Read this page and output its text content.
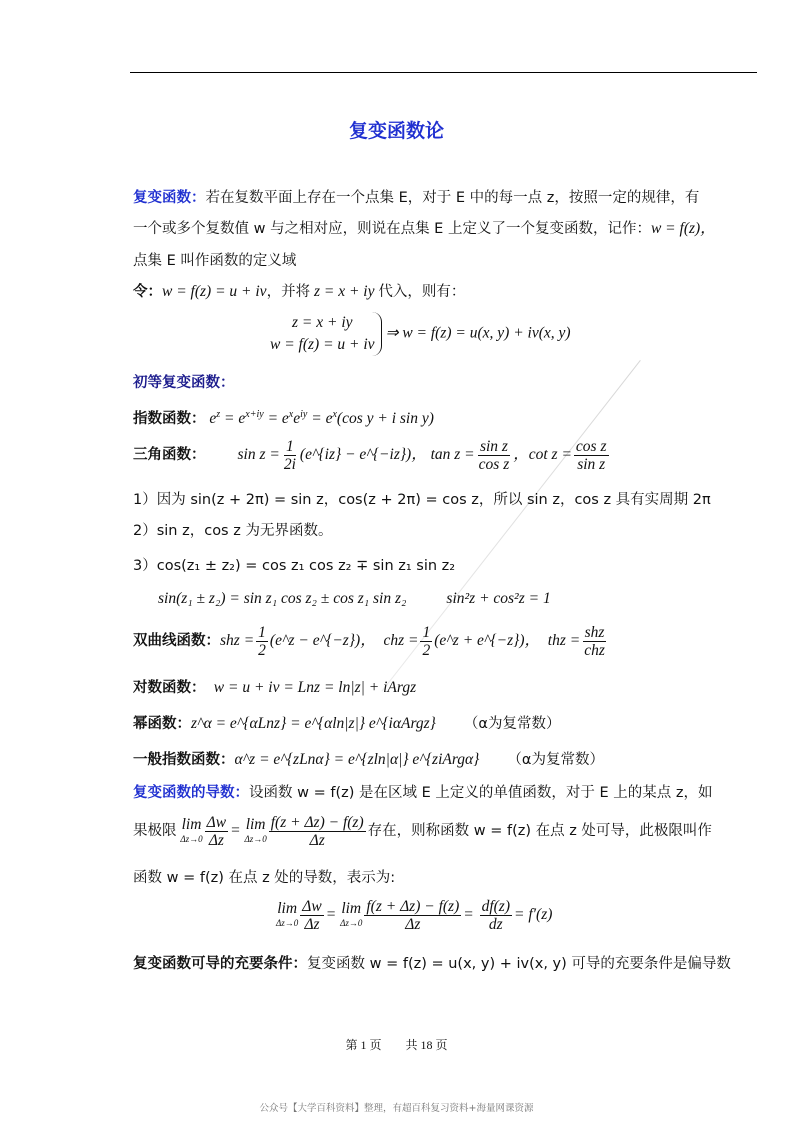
复变函数论
复变函数：若在复数平面上存在一个点集 E，对于 E 中的每一点 z，按照一定的规律，有
一个或多个复数值 w 与之相对应，则说在点集 E 上定义了一个复变函数，记作：w = f(z)，
点集 E 叫作函数的定义域
令：w = f(z) = u + iv，并将 z = x + iy 代入，则有：
z = x + iy
w = f(z) = u + iv
⇒ w = f(z) = u(x, y) + iv(x, y)
初等复变函数：
指数函数： $e^z = e^{x+iy} = e^xe^{iy} = e^x(\cos$ y + i sin y)
三角函数： $\sin z = \frac{1}{2i}$ (e^{iz} − e^{−iz})， $\tan z = \frac{\text{sin z}}{\text{cos z}}$ ，$\cot z = \frac{\text{cos z}}{\text{sin z}}$
1）因为 sin(z + 2π) = sin z，cos(z + 2π) = cos z，所以 sin z，cos z 具有实周期 2π
2）sin z，cos z 为无界函数。
3）cos(z₁ ± z₂) = cos z₁ cos z₂ ∓ sin z₁ sin z₂
sin(z₁ ± z₂) = sin z₁ cos z₂ ± cos z₁ sin z₂	sin²z + cos²z = 1
双曲线函数：shz = $\frac{1}{2}$ (e^z − e^{−z})，　 chz = $\frac{1}{2}$ (e^z + e^{−z})，　 thz = $\frac{\text{shz}}{\text{chz}}$
对数函数：　 w = u + iv = Lnz = ln|z| + iArgz
幂函数：z^α = e^{αLnz} = e^{αln|z|} e^{iαArgz} （α为复常数）
一般指数函数：α^z = e^{zLnα} = e^{zln|α|} e^{ziArgα} （α为复常数）
复变函数的导数：设函数 w = f(z) 是在区域 E 上定义的单值函数，对于 E 上的某点 z，如
果极限 lim
$\Delta z\to 0 \frac{\Delta w}{\Delta z} = \lim$
$\Delta z\to 0 \frac{f(z + \Delta z) - f(z)}{\Delta z}$ 存在，则称函数 w = f(z) 在点 z 处可导，此极限叫作
函数 w = f(z) 在点 z 处的导数，表示为:
lim
$\Delta z\to 0 \frac{\Delta w}{\Delta z} = \lim$
$\Delta z\to 0 \frac{f(z + \Delta z) - f(z)}{\Delta z} = \frac{df(z)}{dz} = f'(z)$
复变函数可导的充要条件：复变函数 w = f(z) = u(x, y) + iv(x, y) 可导的充要条件是偏导数
第 1 页　　共 18 页
公众号【大学百科资料】整理，有超百科复习资料+海量网课资源
